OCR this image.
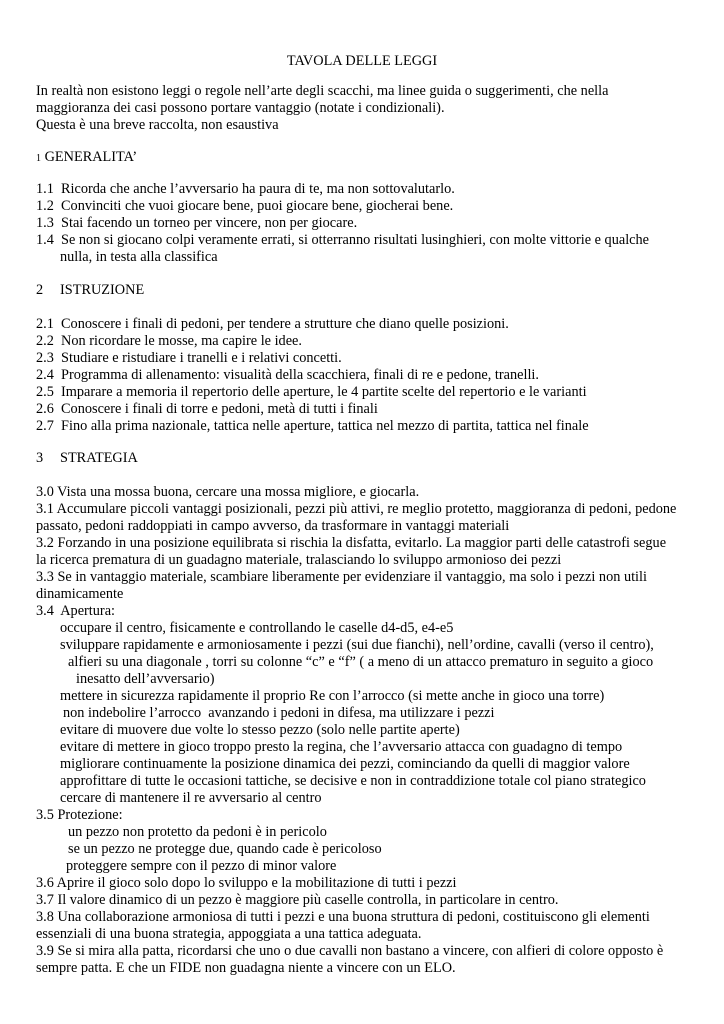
TAVOLA DELLE LEGGI
In realtà non esistono leggi o regole nell’arte degli scacchi, ma linee guida o suggerimenti, che nella
maggioranza dei casi possono portare vantaggio (notate i condizionali).
Questa è una breve raccolta, non esaustiva
1 GENERALITA’
1.1  Ricorda che anche l’avversario ha paura di te, ma non sottovalutarlo.
1.2  Convinciti che vuoi giocare bene, puoi giocare bene, giocherai bene.
1.3  Stai facendo un torneo per vincere, non per giocare.
1.4  Se non si giocano colpi veramente errati, si otterranno risultati lusinghieri, con molte vittorie e qualche
nulla, in testa alla classifica
2 ISTRUZIONE
2.1  Conoscere i finali di pedoni, per tendere a strutture che diano quelle posizioni.
2.2  Non ricordare le mosse, ma capire le idee.
2.3  Studiare e ristudiare i tranelli e i relativi concetti.
2.4  Programma di allenamento: visualità della scacchiera, finali di re e pedone, tranelli.
2.5  Imparare a memoria il repertorio delle aperture, le 4 partite scelte del repertorio e le varianti
2.6  Conoscere i finali di torre e pedoni, metà di tutti i finali
2.7  Fino alla prima nazionale, tattica nelle aperture, tattica nel mezzo di partita, tattica nel finale
3 STRATEGIA
3.0 Vista una mossa buona, cercare una mossa migliore, e giocarla.
3.1 Accumulare piccoli vantaggi posizionali, pezzi più attivi, re meglio protetto, maggioranza di pedoni, pedone
passato, pedoni raddoppiati in campo avverso, da trasformare in vantaggi materiali
3.2 Forzando in una posizione equilibrata si rischia la disfatta, evitarlo. La maggior parti delle catastrofi segue
la ricerca prematura di un guadagno materiale, tralasciando lo sviluppo armonioso dei pezzi
3.3 Se in vantaggio materiale, scambiare liberamente per evidenziare il vantaggio, ma solo i pezzi non utili
dinamicamente
3.4  Apertura:
occupare il centro, fisicamente e controllando le caselle d4-d5, e4-e5
sviluppare rapidamente e armoniosamente i pezzi (sui due fianchi), nell’ordine, cavalli (verso il centro),
alfieri su una diagonale , torri su colonne “c” e “f” ( a meno di un attacco prematuro in seguito a gioco
inesatto dell’avversario)
mettere in sicurezza rapidamente il proprio Re con l’arrocco (si mette anche in gioco una torre)
non indebolire l’arrocco  avanzando i pedoni in difesa, ma utilizzare i pezzi
evitare di muovere due volte lo stesso pezzo (solo nelle partite aperte)
evitare di mettere in gioco troppo presto la regina, che l’avversario attacca con guadagno di tempo
migliorare continuamente la posizione dinamica dei pezzi, cominciando da quelli di maggior valore
approfittare di tutte le occasioni tattiche, se decisive e non in contraddizione totale col piano strategico
cercare di mantenere il re avversario al centro
3.5 Protezione:
un pezzo non protetto da pedoni è in pericolo
se un pezzo ne protegge due, quando cade è pericoloso
proteggere sempre con il pezzo di minor valore
3.6 Aprire il gioco solo dopo lo sviluppo e la mobilitazione di tutti i pezzi
3.7 Il valore dinamico di un pezzo è maggiore più caselle controlla, in particolare in centro.
3.8 Una collaborazione armoniosa di tutti i pezzi e una buona struttura di pedoni, costituiscono gli elementi
essenziali di una buona strategia, appoggiata a una tattica adeguata.
3.9 Se si mira alla patta, ricordarsi che uno o due cavalli non bastano a vincere, con alfieri di colore opposto è
sempre patta. E che un FIDE non guadagna niente a vincere con un ELO.
